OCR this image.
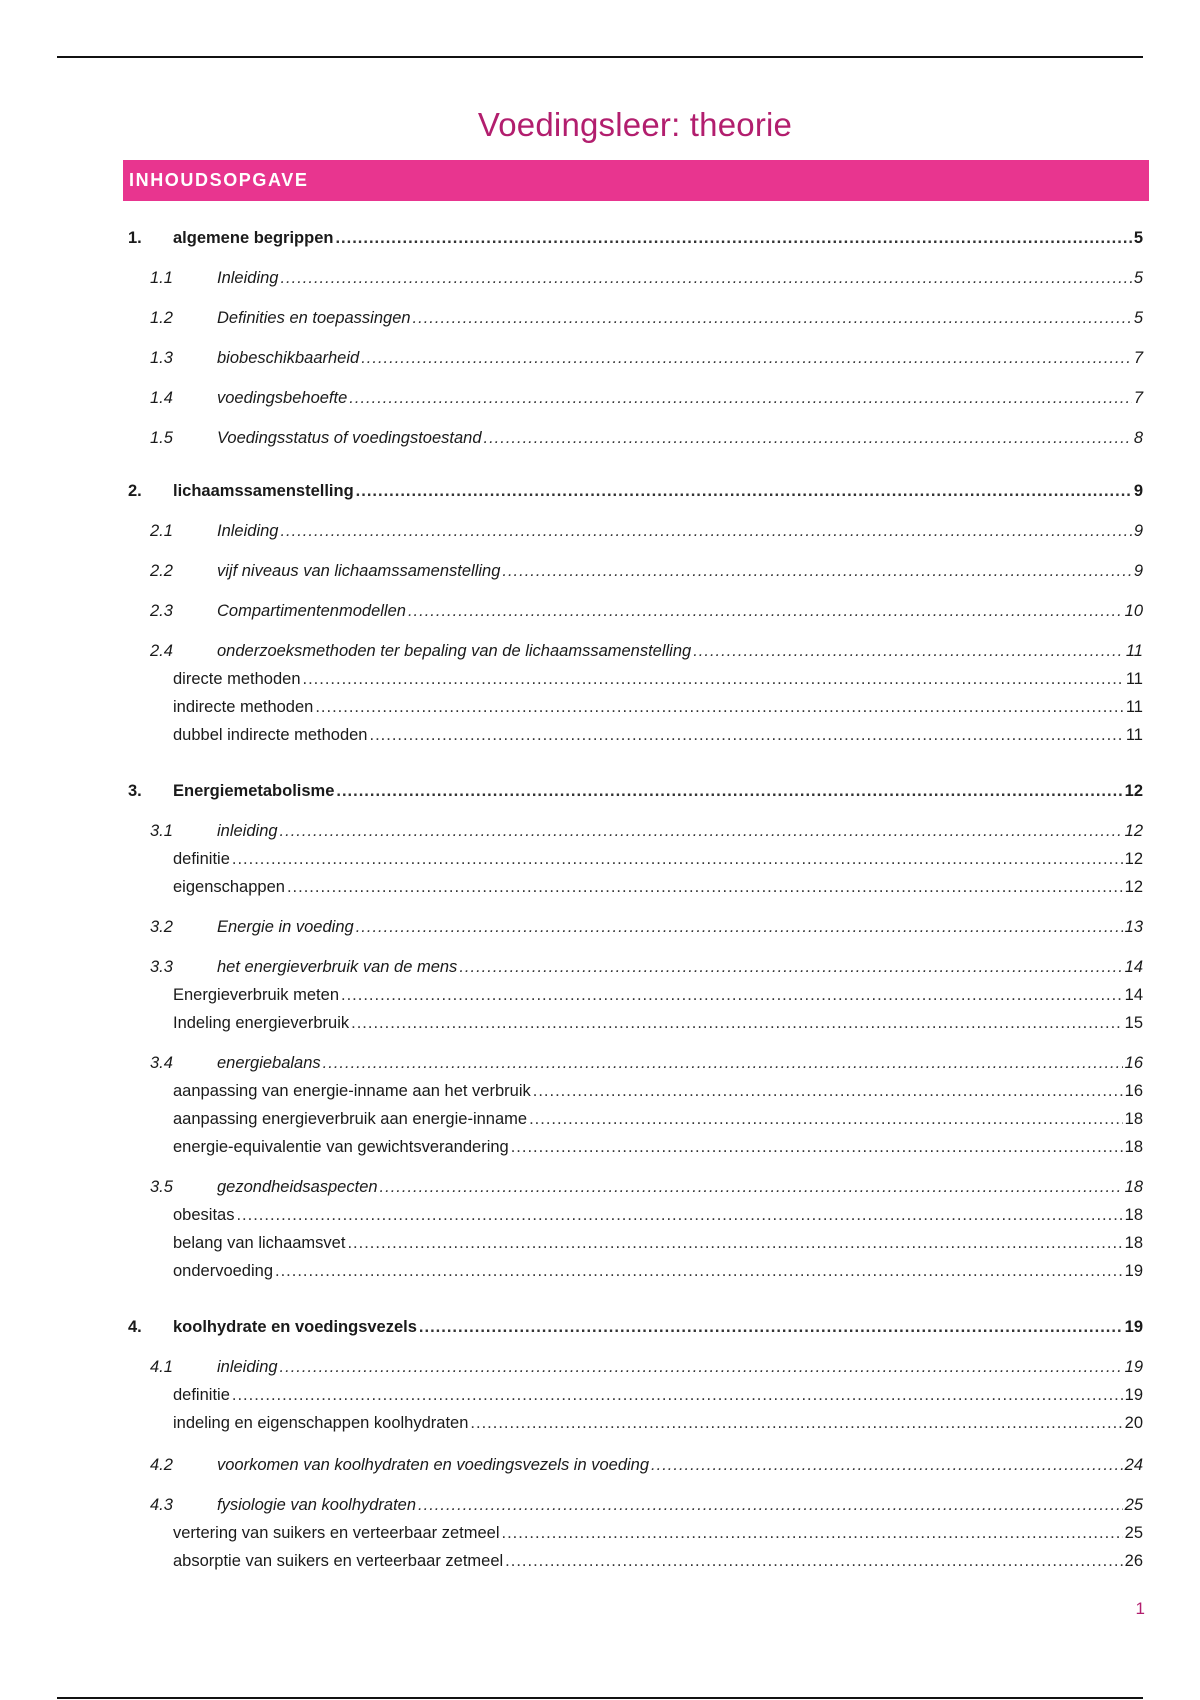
Voedingsleer: theorie
INHOUDSOPGAVE
1. algemene begrippen .....	5
1.1	Inleiding .....	5
1.2	Definities en toepassingen .....	5
1.3	biobeschikbaarheid .....	7
1.4	voedingsbehoefte .....	7
1.5	Voedingsstatus of voedingstoestand .....	8
2. lichaamssamenstelling .....	9
2.1	Inleiding .....	9
2.2	vijf niveaus van lichaamssamenstelling .....	9
2.3	Compartimentenmodellen .....	10
2.4	onderzoeksmethoden ter bepaling van de lichaamssamenstelling .....	11
directe methoden .....	11
indirecte methoden .....	11
dubbel indirecte methoden .....	11
3. Energiemetabolisme .....	12
3.1	inleiding .....	12
definitie .....	12
eigenschappen .....	12
3.2	Energie in voeding .....	13
3.3	het energieverbruik van de mens .....	14
Energieverbruik meten .....	14
Indeling energieverbruik .....	15
3.4	energiebalans .....	16
aanpassing van energie-inname aan het verbruik .....	16
aanpassing energieverbruik aan energie-inname .....	18
energie-equivalentie van gewichtsverandering .....	18
3.5	gezondheidsaspecten .....	18
obesitas .....	18
belang van lichaamsvet .....	18
ondervoeding .....	19
4. koolhydrate en voedingsvezels .....	19
4.1	inleiding .....	19
definitie .....	19
indeling en eigenschappen koolhydraten .....	20
4.2	voorkomen van koolhydraten en voedingsvezels in voeding .....	24
4.3	fysiologie van koolhydraten .....	25
vertering van suikers en verteerbaar zetmeel .....	25
absorptie van suikers en verteerbaar zetmeel .....	26
1
